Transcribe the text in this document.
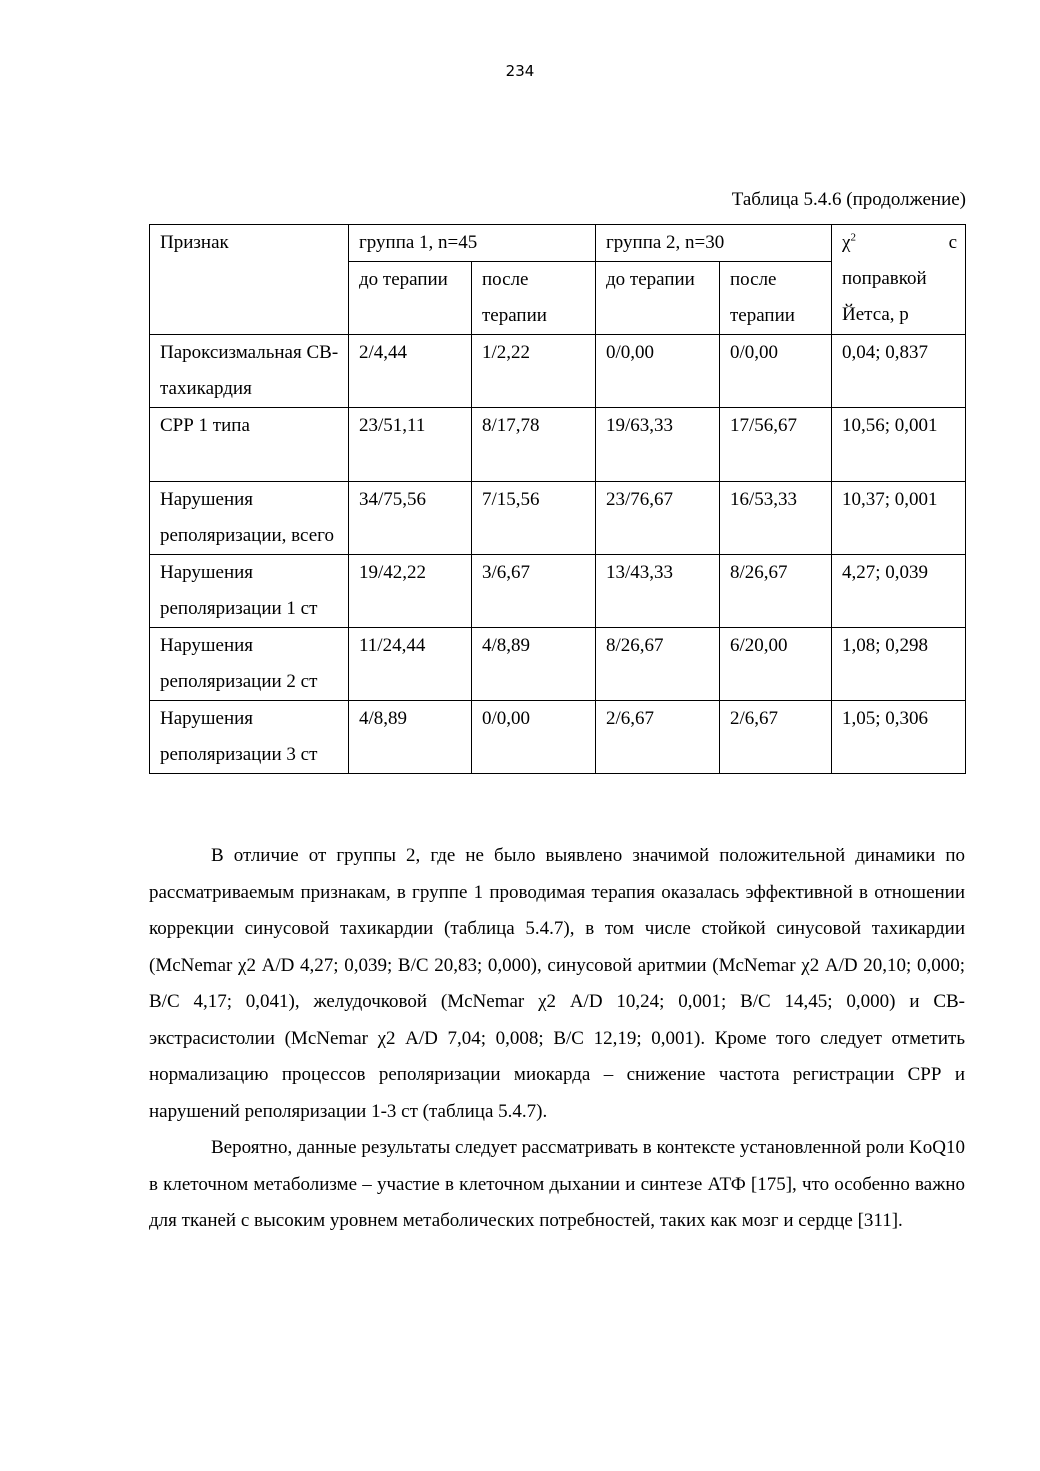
234
Таблица 5.4.6 (продолжение)
Признак	группа 1, n=45		группа 2, n=30		$\chi^2$ с

поправкой Йетса, р
	до терапии	после терапии	до терапии	после терапии	
Пароксизмальная СВ-тахикардия	2/4,44	1/2,22	0/0,00	0/0,00	0,04; 0,837
СРР 1 типа	23/51,11	8/17,78	19/63,33	17/56,67	10,56; 0,001
Нарушения реполяризации, всего	34/75,56	7/15,56	23/76,67	16/53,33	10,37; 0,001
Нарушения реполяризации 1 ст	19/42,22	3/6,67	13/43,33	8/26,67	4,27; 0,039
Нарушения реполяризации 2 ст	11/24,44	4/8,89	8/26,67	6/20,00	1,08; 0,298
Нарушения реполяризации 3 ст	4/8,89	0/0,00	2/6,67	2/6,67	1,05; 0,306

В отличие от группы 2, где не было выявлено значимой положительной динамики по рассматриваемым признакам, в группе 1 проводимая терапия оказалась эффективной в отношении коррекции синусовой тахикардии (таблица 5.4.7), в том числе стойкой синусовой тахикардии (McNemar χ2 A/D 4,27; 0,039; B/C 20,83; 0,000), синусовой аритмии (McNemar χ2 A/D 20,10; 0,000; B/C 4,17; 0,041), желудочковой (McNemar χ2 A/D 10,24; 0,001; B/C 14,45; 0,000) и СВ-экстрасистолии (McNemar χ2 A/D 7,04; 0,008; B/C 12,19; 0,001). Кроме того следует отметить нормализацию процессов реполяризации миокарда – снижение частота регистрации СРР и нарушений реполяризации 1-3 ст (таблица 5.4.7).

Вероятно, данные результаты следует рассматривать в контексте установленной роли KoQ10 в клеточном метаболизме – участие в клеточном дыхании и синтезе АТФ [175], что особенно важно для тканей с высоким уровнем метаболических потребностей, таких как мозг и сердце [311].
